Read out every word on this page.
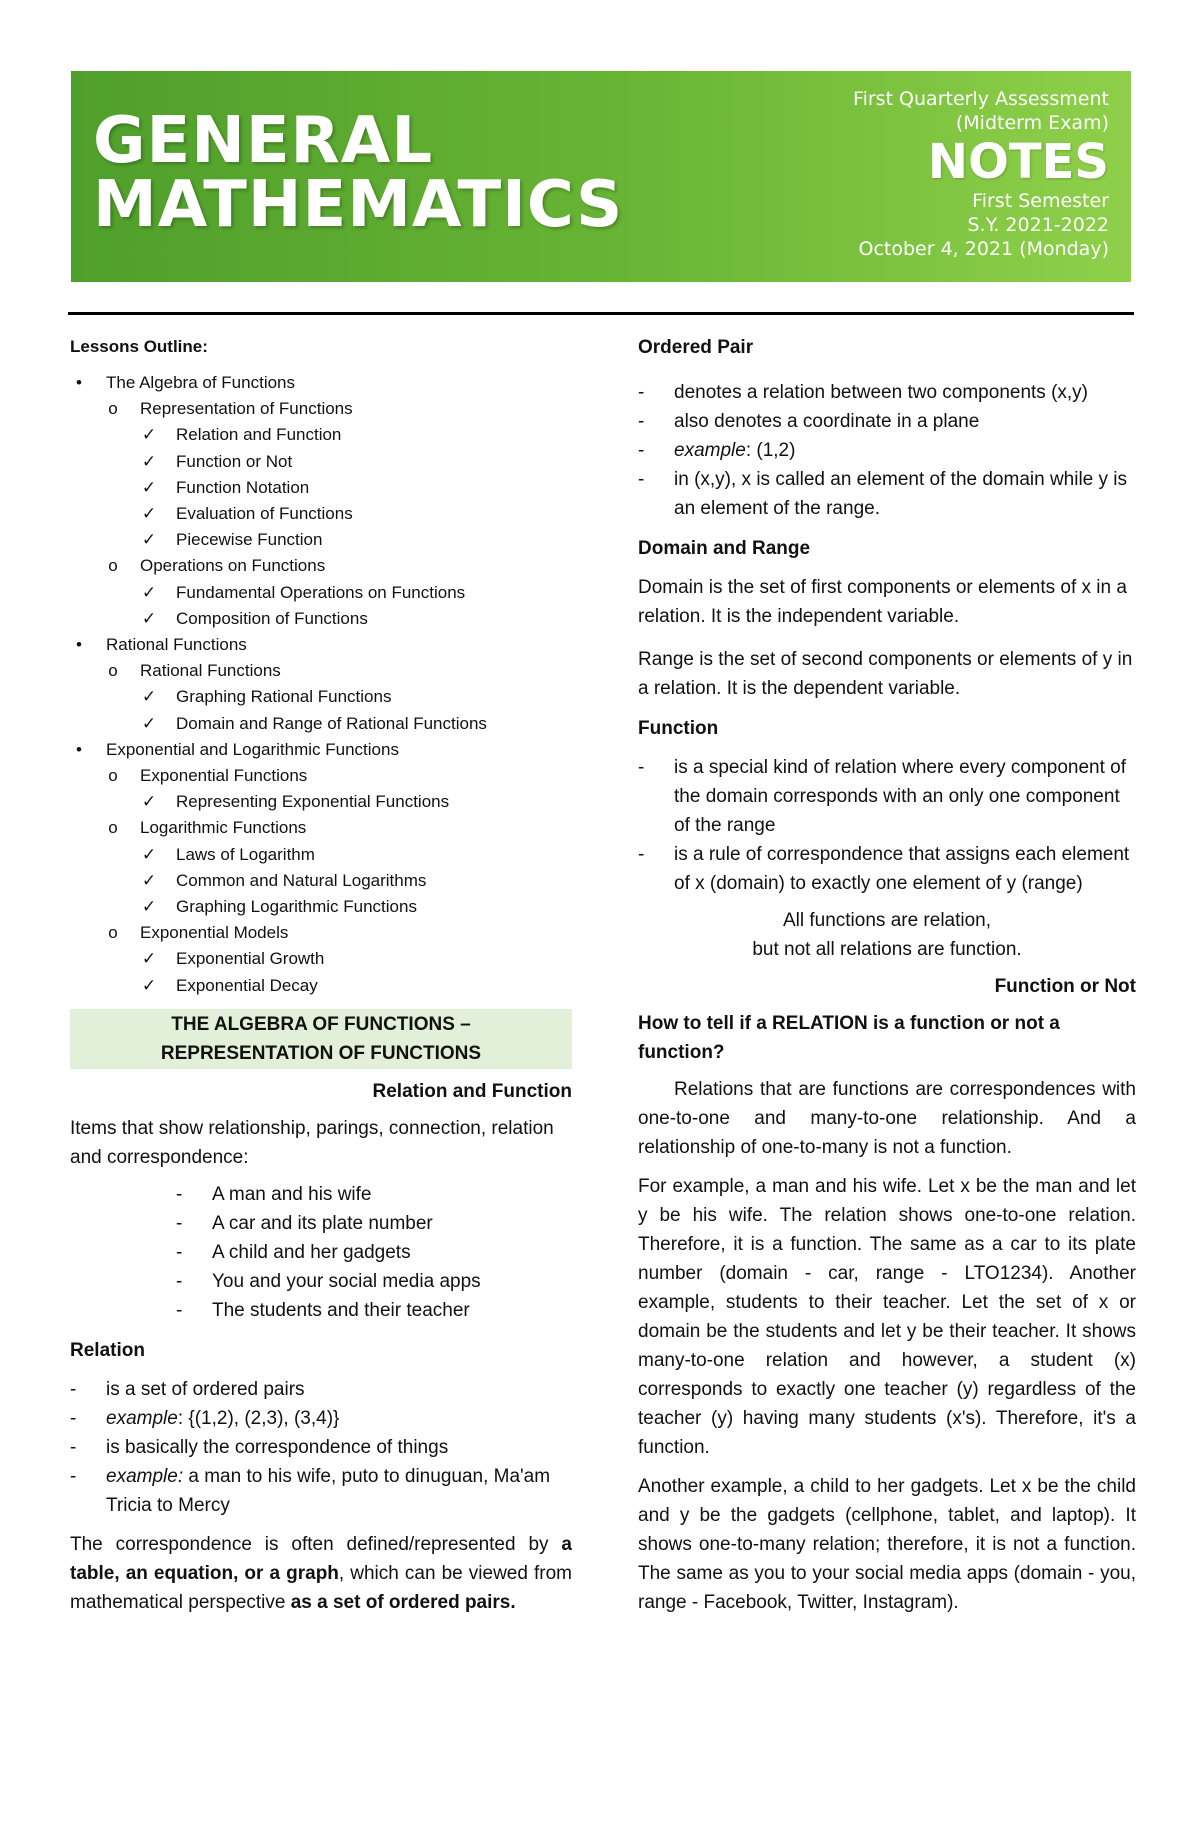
GENERAL
MATHEMATICS
First Quarterly Assessment
(Midterm Exam)
NOTES
First Semester
S.Y. 2021-2022
October 4, 2021 (Monday)
Lessons Outline:
•	The Algebra of Functions
o Representation of Functions
✓ Relation and Function
✓ Function or Not
✓ Function Notation
✓ Evaluation of Functions
✓ Piecewise Function
o Operations on Functions
✓ Fundamental Operations on Functions
✓ Composition of Functions
•	Rational Functions
o Rational Functions
✓ Graphing Rational Functions
✓ Domain and Range of Rational Functions
•	Exponential and Logarithmic Functions
o Exponential Functions
✓ Representing Exponential Functions
o Logarithmic Functions
✓ Laws of Logarithm
✓ Common and Natural Logarithms
✓ Graphing Logarithmic Functions
o Exponential Models
✓ Exponential Growth
✓ Exponential Decay
THE ALGEBRA OF FUNCTIONS –
REPRESENTATION OF FUNCTIONS
Relation and Function
Items that show relationship, parings, connection, relation and correspondence:
-	A man and his wife
-	A car and its plate number
-	A child and her gadgets
-	You and your social media apps
-	The students and their teacher
Relation
-	is a set of ordered pairs
-	example: {(1,2), (2,3), (3,4)}
-	is basically the correspondence of things
-	example: a man to his wife, puto to dinuguan, Ma'am Tricia to Mercy
The correspondence is often defined/represented by a table, an equation, or a graph, which can be viewed from mathematical perspective as a set of ordered pairs.
Ordered Pair
-	denotes a relation between two components (x,y)
-	also denotes a coordinate in a plane
-	example: (1,2)
-	in (x,y), x is called an element of the domain while y is an element of the range.
Domain and Range
Domain is the set of first components or elements of x in a relation. It is the independent variable.
Range is the set of second components or elements of y in a relation. It is the dependent variable.
Function
-	is a special kind of relation where every component of the domain corresponds with an only one component of the range
-	is a rule of correspondence that assigns each element of x (domain) to exactly one element of y (range)
All functions are relation,
but not all relations are function.
Function or Not
How to tell if a RELATION is a function or not a function?
Relations that are functions are correspondences with one-to-one and many-to-one relationship. And a relationship of one-to-many is not a function.
For example, a man and his wife. Let x be the man and let y be his wife. The relation shows one-to-one relation. Therefore, it is a function. The same as a car to its plate number (domain - car, range - LTO1234). Another example, students to their teacher. Let the set of x or domain be the students and let y be their teacher. It shows many-to-one relation and however, a student (x) corresponds to exactly one teacher (y) regardless of the teacher (y) having many students (x's). Therefore, it's a function.
Another example, a child to her gadgets. Let x be the child and y be the gadgets (cellphone, tablet, and laptop). It shows one-to-many relation; therefore, it is not a function. The same as you to your social media apps (domain - you, range - Facebook, Twitter, Instagram).
